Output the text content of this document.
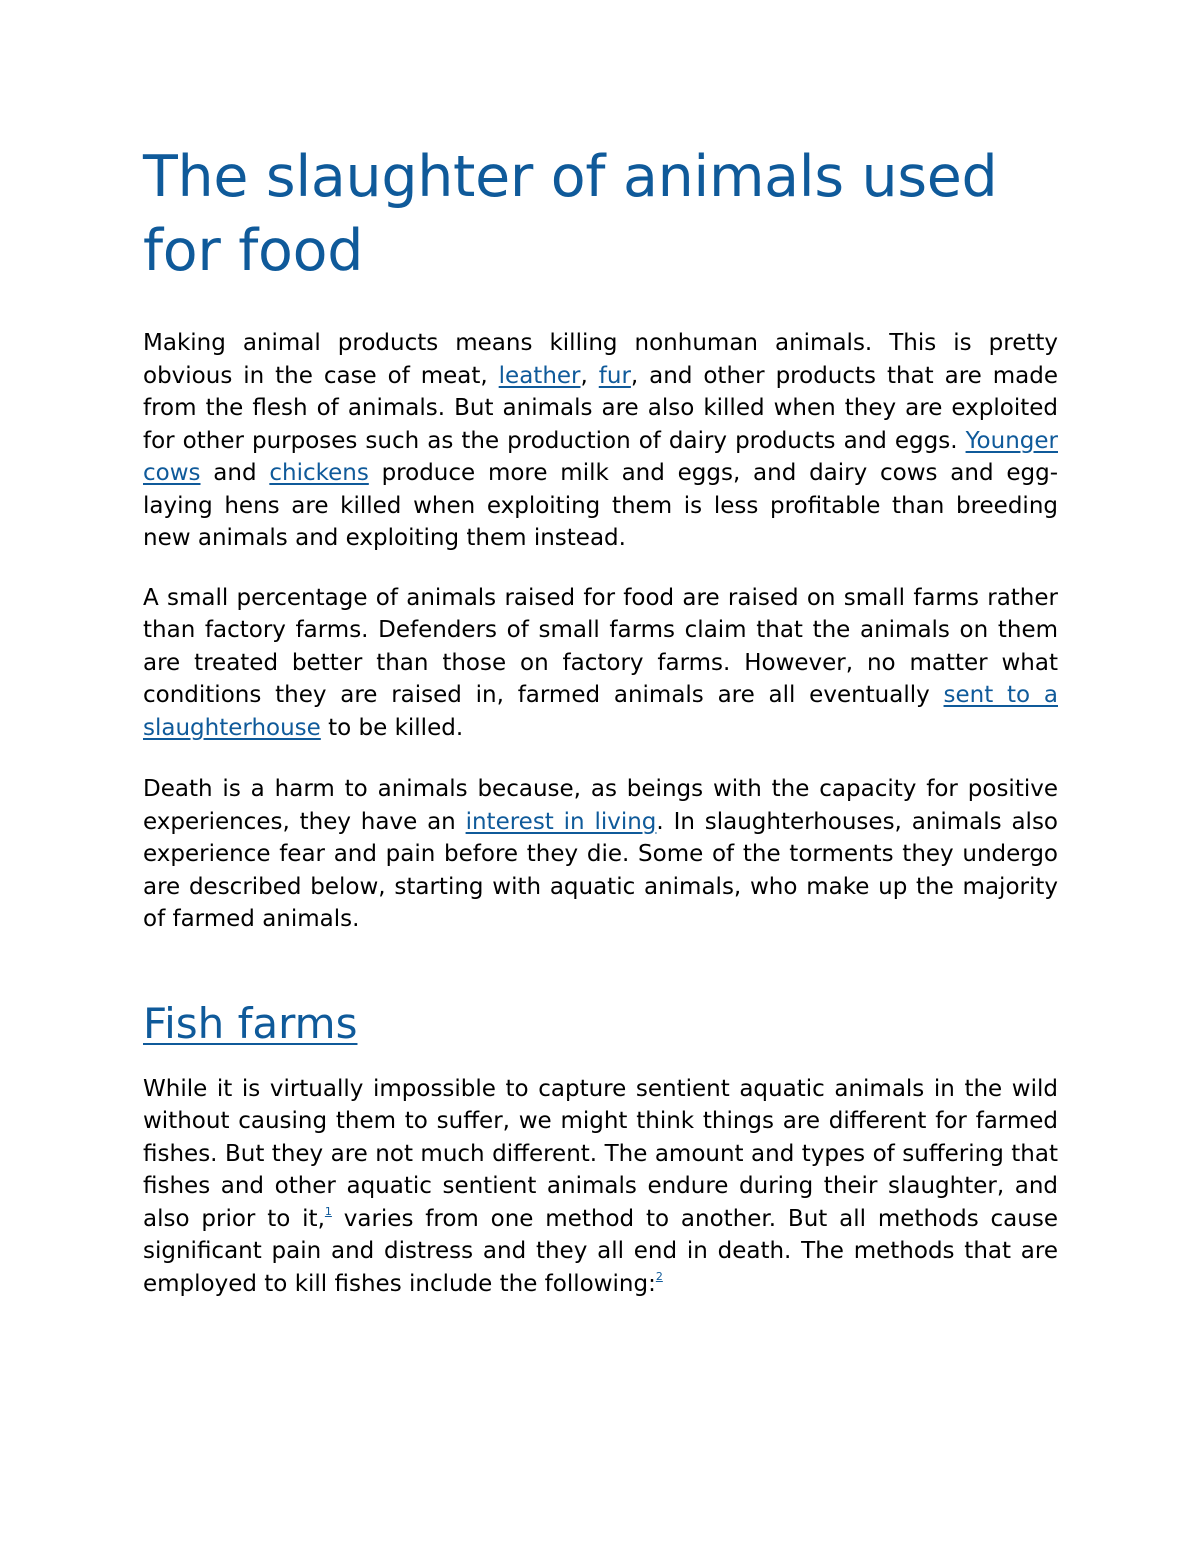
The slaughter of animals used for food

Making animal products means killing nonhuman animals. This is pretty obvious in the case of meat, leather, fur, and other products that are made from the flesh of animals. But animals are also killed when they are exploited for other purposes such as the production of dairy products and eggs. Younger cows and chickens produce more milk and eggs, and dairy cows and egg-laying hens are killed when exploiting them is less profitable than breeding new animals and exploiting them instead.

A small percentage of animals raised for food are raised on small farms rather than factory farms. Defenders of small farms claim that the animals on them are treated better than those on factory farms. However, no matter what conditions they are raised in, farmed animals are all eventually sent to a slaughterhouse to be killed.

Death is a harm to animals because, as beings with the capacity for positive experiences, they have an interest in living. In slaughterhouses, animals also experience fear and pain before they die. Some of the torments they undergo are described below, starting with aquatic animals, who make up the majority of farmed animals.

Fish farms

While it is virtually impossible to capture sentient aquatic animals in the wild without causing them to suffer, we might think things are different for farmed fishes. But they are not much different. The amount and types of suffering that fishes and other aquatic sentient animals endure during their slaughter, and also prior to it,$^1$ varies from one method to another. But all methods cause significant pain and distress and they all end in death. The methods that are employed to kill fishes include the following:$^2$
